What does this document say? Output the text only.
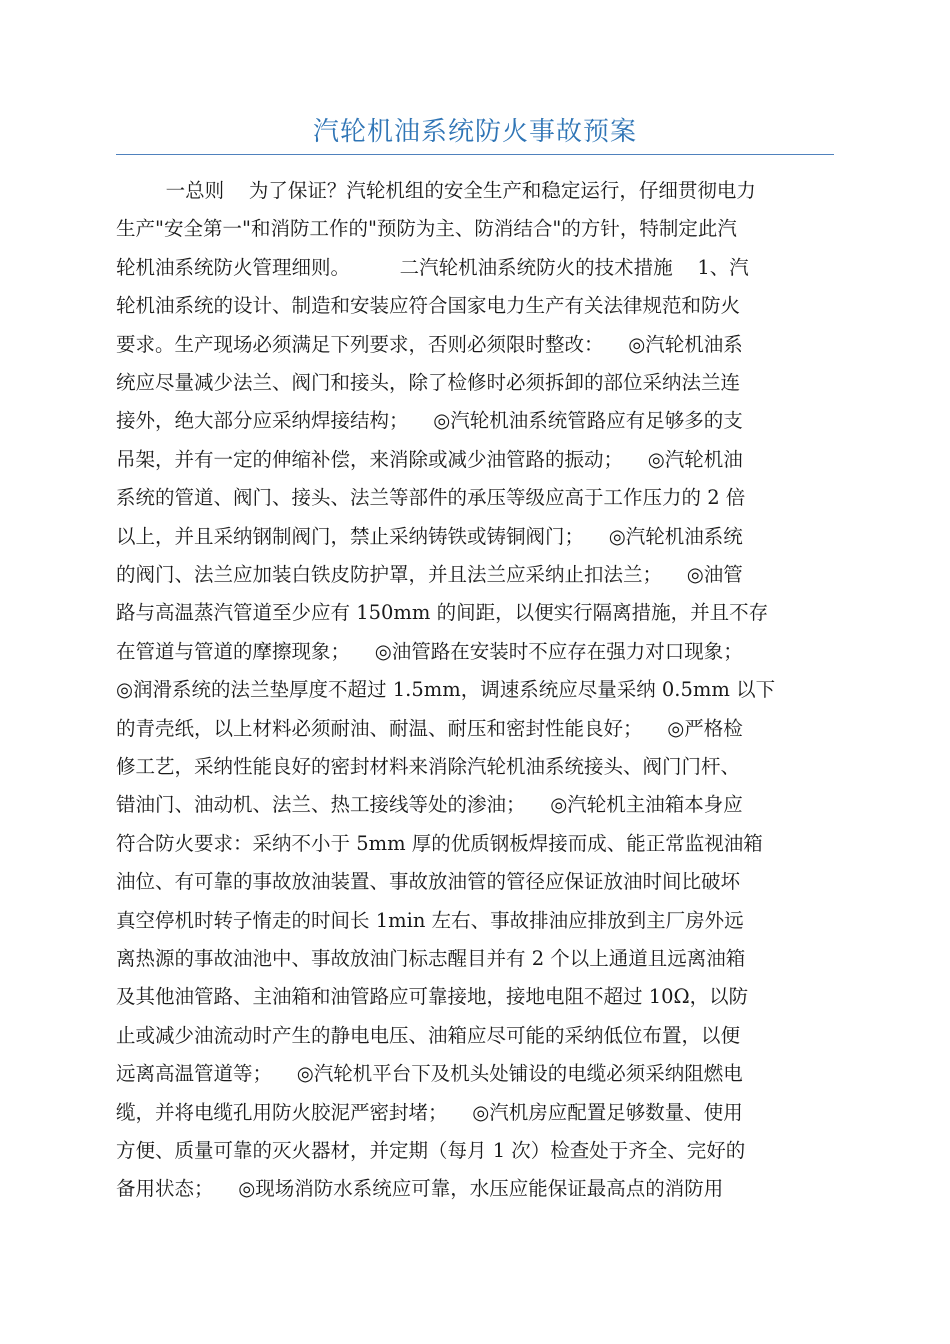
汽轮机油系统防火事故预案
一总则    为了保证？汽轮机组的安全生产和稳定运行，仔细贯彻电力
生产"安全第一"和消防工作的"预防为主、防消结合"的方针，特制定此汽
轮机油系统防火管理细则。        二汽轮机油系统防火的技术措施    1、汽
轮机油系统的设计、制造和安装应符合国家电力生产有关法律规范和防火
要求。生产现场必须满足下列要求，否则必须限时整改：    ◎汽轮机油系
统应尽量减少法兰、阀门和接头，除了检修时必须拆卸的部位采纳法兰连
接外，绝大部分应采纳焊接结构；    ◎汽轮机油系统管路应有足够多的支
吊架，并有一定的伸缩补偿，来消除或减少油管路的振动；    ◎汽轮机油
系统的管道、阀门、接头、法兰等部件的承压等级应高于工作压力的 2 倍
以上，并且采纳钢制阀门，禁止采纳铸铁或铸铜阀门；    ◎汽轮机油系统
的阀门、法兰应加装白铁皮防护罩，并且法兰应采纳止扣法兰；    ◎油管
路与高温蒸汽管道至少应有 150mm 的间距，以便实行隔离措施，并且不存
在管道与管道的摩擦现象；    ◎油管路在安装时不应存在强力对口现象；
◎润滑系统的法兰垫厚度不超过 1.5mm，调速系统应尽量采纳 0.5mm 以下
的青壳纸，以上材料必须耐油、耐温、耐压和密封性能良好；    ◎严格检
修工艺，采纳性能良好的密封材料来消除汽轮机油系统接头、阀门门杆、
错油门、油动机、法兰、热工接线等处的渗油；    ◎汽轮机主油箱本身应
符合防火要求：采纳不小于 5mm 厚的优质钢板焊接而成、能正常监视油箱
油位、有可靠的事故放油装置、事故放油管的管径应保证放油时间比破坏
真空停机时转子惰走的时间长 1min 左右、事故排油应排放到主厂房外远
离热源的事故油池中、事故放油门标志醒目并有 2 个以上通道且远离油箱
及其他油管路、主油箱和油管路应可靠接地，接地电阻不超过 10Ω，以防
止或减少油流动时产生的静电电压、油箱应尽可能的采纳低位布置，以便
远离高温管道等；    ◎汽轮机平台下及机头处铺设的电缆必须采纳阻燃电
缆，并将电缆孔用防火胶泥严密封堵；    ◎汽机房应配置足够数量、使用
方便、质量可靠的灭火器材，并定期（每月 1 次）检查处于齐全、完好的
备用状态；    ◎现场消防水系统应可靠，水压应能保证最高点的消防用
